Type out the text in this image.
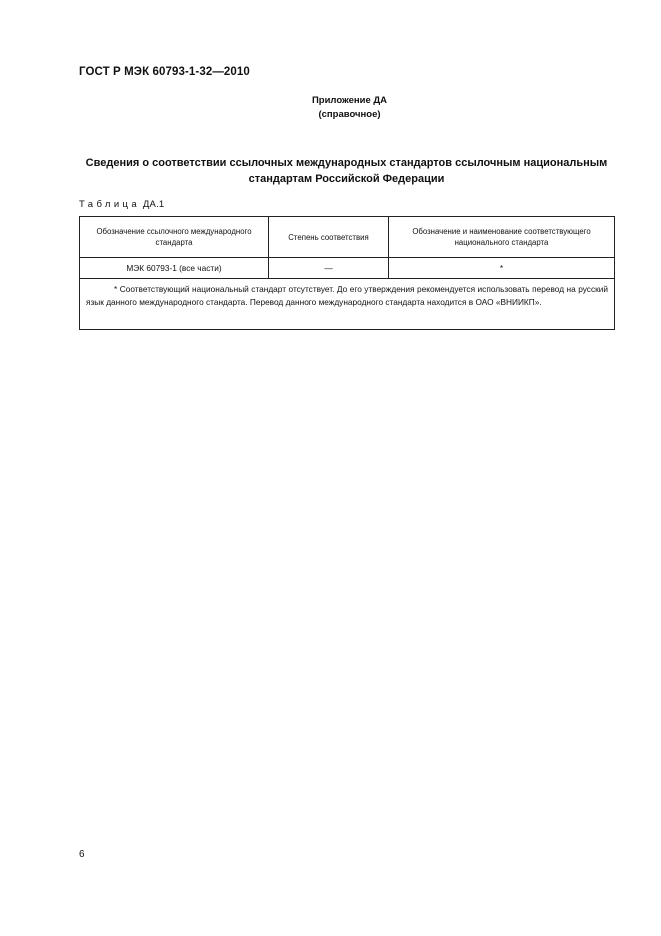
ГОСТ Р МЭК 60793-1-32—2010
Приложение ДА
(справочное)
Сведения о соответствии ссылочных международных стандартов ссылочным национальным
стандартам Российской Федерации
Таблица ДА.1
Обозначение ссылочного международного стандарта	Степень соответствия	Обозначение и наименование соответствующего национального стандарта
МЭК 60793-1 (все части)	—	*

* Соответствующий национальный стандарт отсутствует. До его утверждения рекомендуется использовать перевод на русский язык данного международного стандарта. Перевод данного международного стандарта находится в ОАО «ВНИИКП».		
6
